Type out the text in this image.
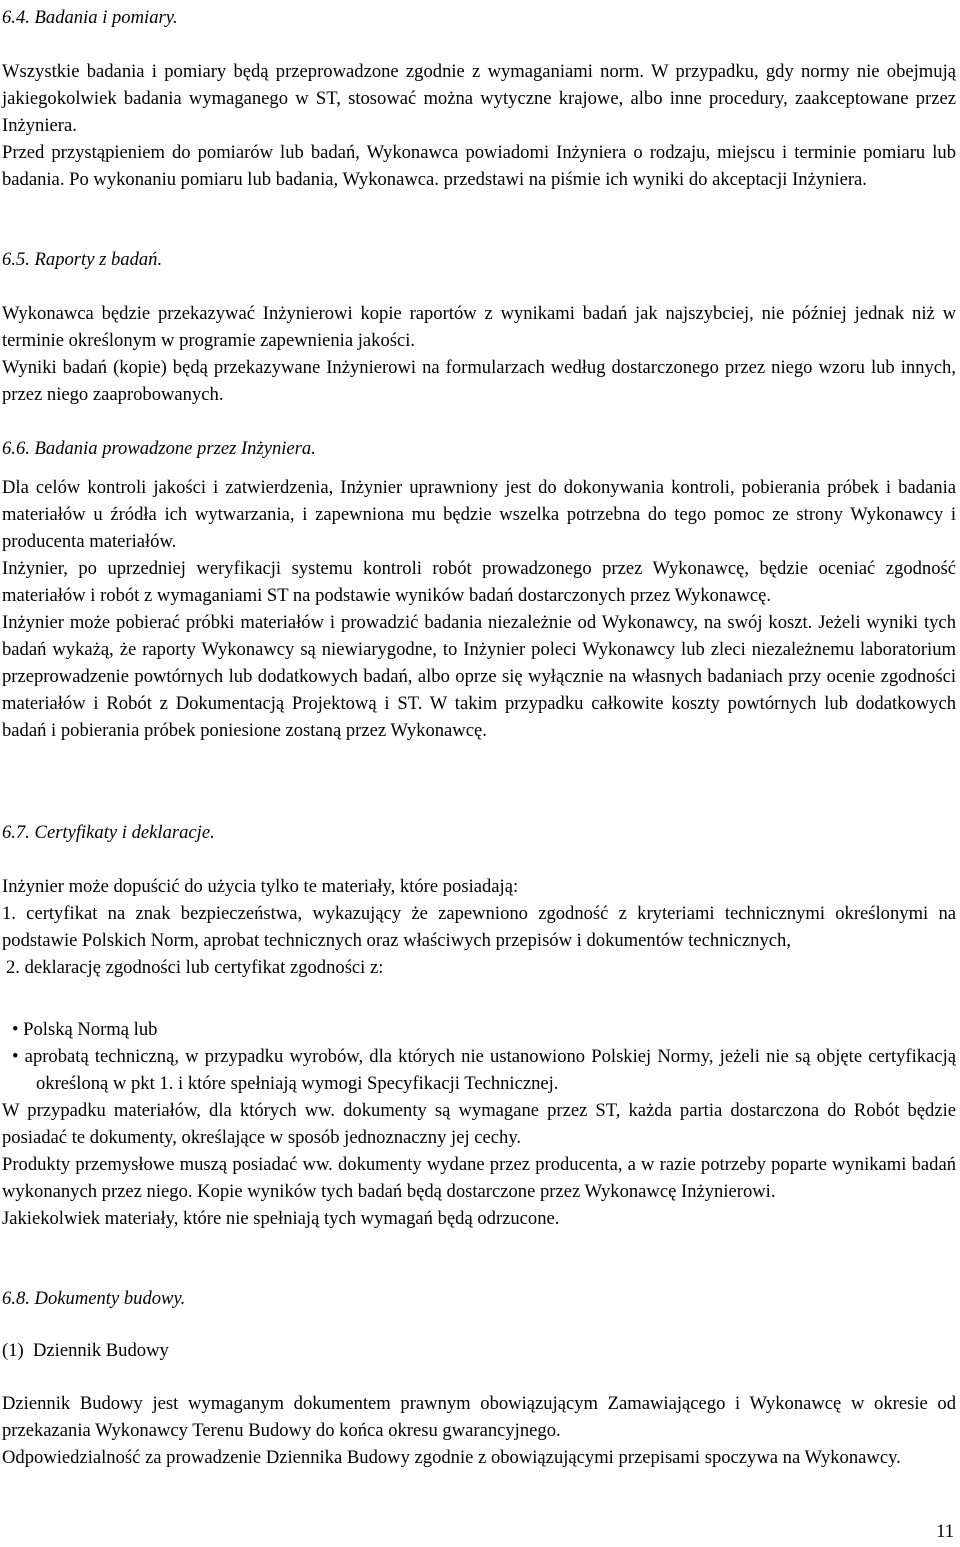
6.4. Badania i pomiary.

Wszystkie badania i pomiary będą przeprowadzone zgodnie z wymaganiami norm. W przypadku, gdy normy nie obejmują jakiegokolwiek badania wymaganego w ST, stosować można wytyczne krajowe, albo inne procedury, zaakceptowane przez Inżyniera.

Przed przystąpieniem do pomiarów lub badań, Wykonawca powiadomi Inżyniera o rodzaju, miejscu i terminie pomiaru lub badania. Po wykonaniu pomiaru lub badania, Wykonawca. przedstawi na piśmie ich wyniki do akceptacji Inżyniera.

6.5. Raporty z badań.

Wykonawca będzie przekazywać Inżynierowi kopie raportów z wynikami badań jak najszybciej, nie później jednak niż w terminie określonym w programie zapewnienia jakości.

Wyniki badań (kopie) będą przekazywane Inżynierowi na formularzach według dostarczonego przez niego wzoru lub innych, przez niego zaaprobowanych.

6.6. Badania prowadzone przez Inżyniera.

Dla celów kontroli jakości i zatwierdzenia, Inżynier uprawniony jest do dokonywania kontroli, pobierania próbek i badania materiałów u źródła ich wytwarzania, i zapewniona mu będzie wszelka potrzebna do tego pomoc ze strony Wykonawcy i producenta materiałów.

Inżynier, po uprzedniej weryfikacji systemu kontroli robót prowadzonego przez Wykonawcę, będzie oceniać zgodność materiałów i robót z wymaganiami ST na podstawie wyników badań dostarczonych przez Wykonawcę.

Inżynier może pobierać próbki materiałów i prowadzić badania niezależnie od Wykonawcy, na swój koszt. Jeżeli wyniki tych badań wykażą, że raporty Wykonawcy są niewiarygodne, to Inżynier poleci Wykonawcy lub zleci niezależnemu laboratorium przeprowadzenie powtórnych lub dodatkowych badań, albo oprze się wyłącznie na własnych badaniach przy ocenie zgodności materiałów i Robót z Dokumentacją Projektową i ST. W takim przypadku całkowite koszty powtórnych lub dodatkowych badań i pobierania próbek poniesione zostaną przez Wykonawcę.

6.7. Certyfikaty i deklaracje.

Inżynier może dopuścić do użycia tylko te materiały, które posiadają:

1. certyfikat na znak bezpieczeństwa, wykazujący że zapewniono zgodność z kryteriami technicznymi określonymi na podstawie Polskich Norm, aprobat technicznych oraz właściwych przepisów i dokumentów technicznych,

2. deklarację zgodności lub certyfikat zgodności z:

• Polską Normą lub

• aprobatą techniczną, w przypadku wyrobów, dla których nie ustanowiono Polskiej Normy, jeżeli nie są objęte certyfikacją określoną w pkt 1. i które spełniają wymogi Specyfikacji Technicznej.

W przypadku materiałów, dla których ww. dokumenty są wymagane przez ST, każda partia dostarczona do Robót będzie posiadać te dokumenty, określające w sposób jednoznaczny jej cechy.

Produkty przemysłowe muszą posiadać ww. dokumenty wydane przez producenta, a w razie potrzeby poparte wynikami badań wykonanych przez niego. Kopie wyników tych badań będą dostarczone przez Wykonawcę Inżynierowi.

Jakiekolwiek materiały, które nie spełniają tych wymagań będą odrzucone.

6.8. Dokumenty budowy.

(1)  Dziennik Budowy

Dziennik Budowy jest wymaganym dokumentem prawnym obowiązującym Zamawiającego i Wykonawcę w okresie od przekazania Wykonawcy Terenu Budowy do końca okresu gwarancyjnego.

Odpowiedzialność za prowadzenie Dziennika Budowy zgodnie z obowiązującymi przepisami spoczywa na Wykonawcy.

11
